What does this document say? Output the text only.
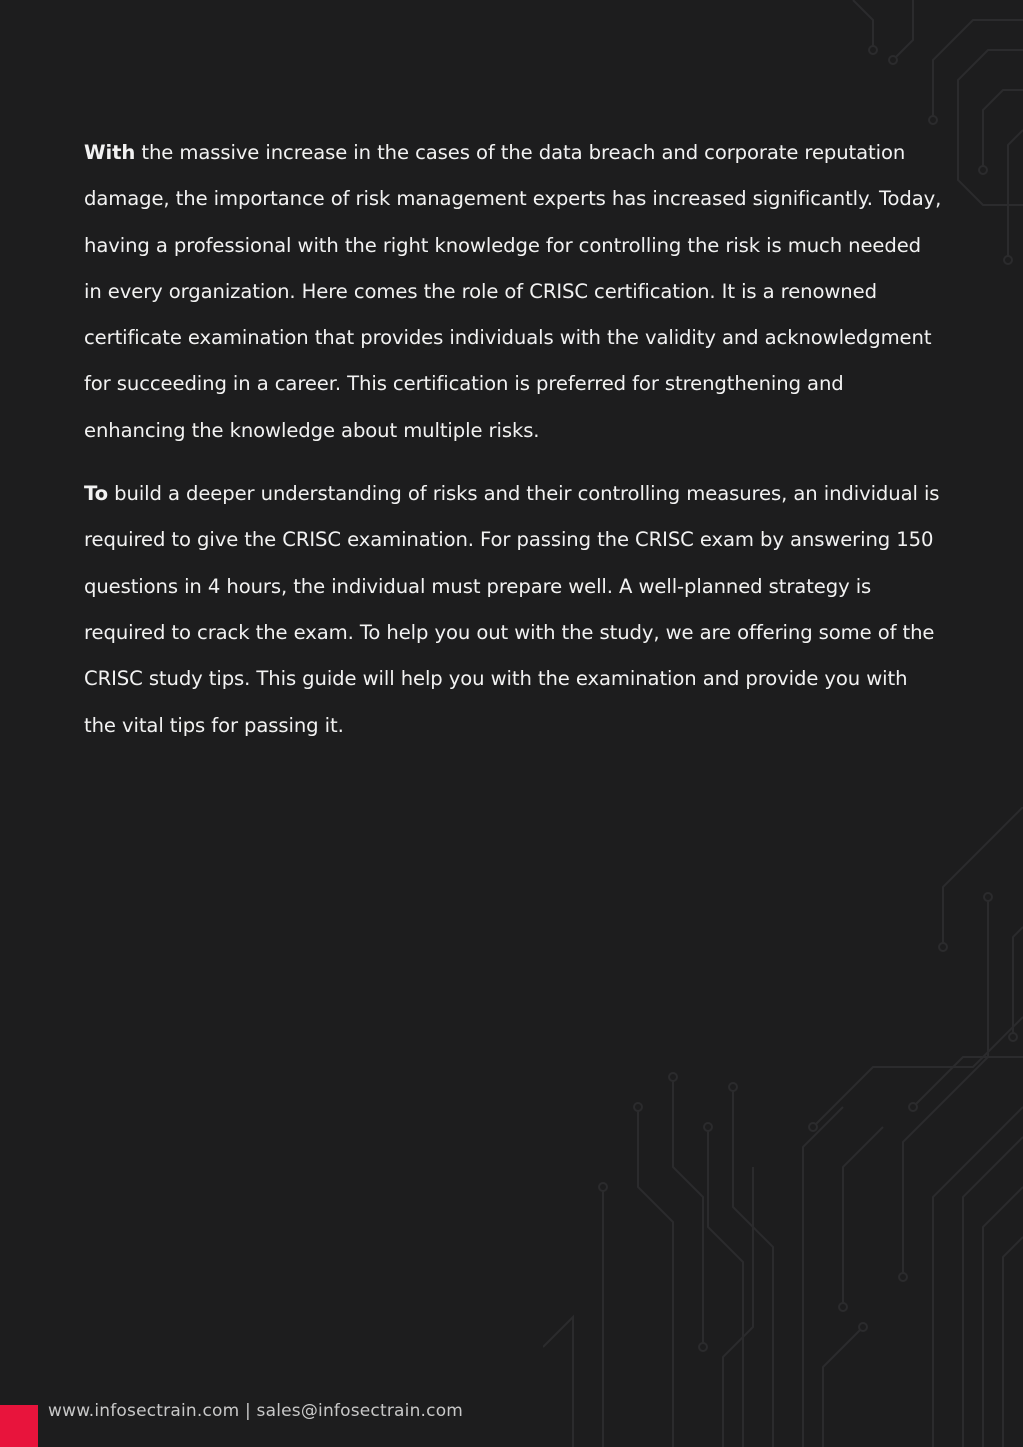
With the massive increase in the cases of the data breach and corporate reputation damage, the importance of risk management experts has increased significantly. Today, having a professional with the right knowledge for controlling the risk is much needed in every organization. Here comes the role of CRISC certification. It is a renowned certificate examination that provides individuals with the validity and acknowledgment for succeeding in a career. This certification is preferred for strengthening and enhancing the knowledge about multiple risks.

To build a deeper understanding of risks and their controlling measures, an individual is required to give the CRISC examination. For passing the CRISC exam by answering 150 questions in 4 hours, the individual must prepare well. A well-planned strategy is required to crack the exam. To help you out with the study, we are offering some of the CRISC study tips. This guide will help you with the examination and provide you with the vital tips for passing it.

www.infosectrain.com | sales@infosectrain.com
